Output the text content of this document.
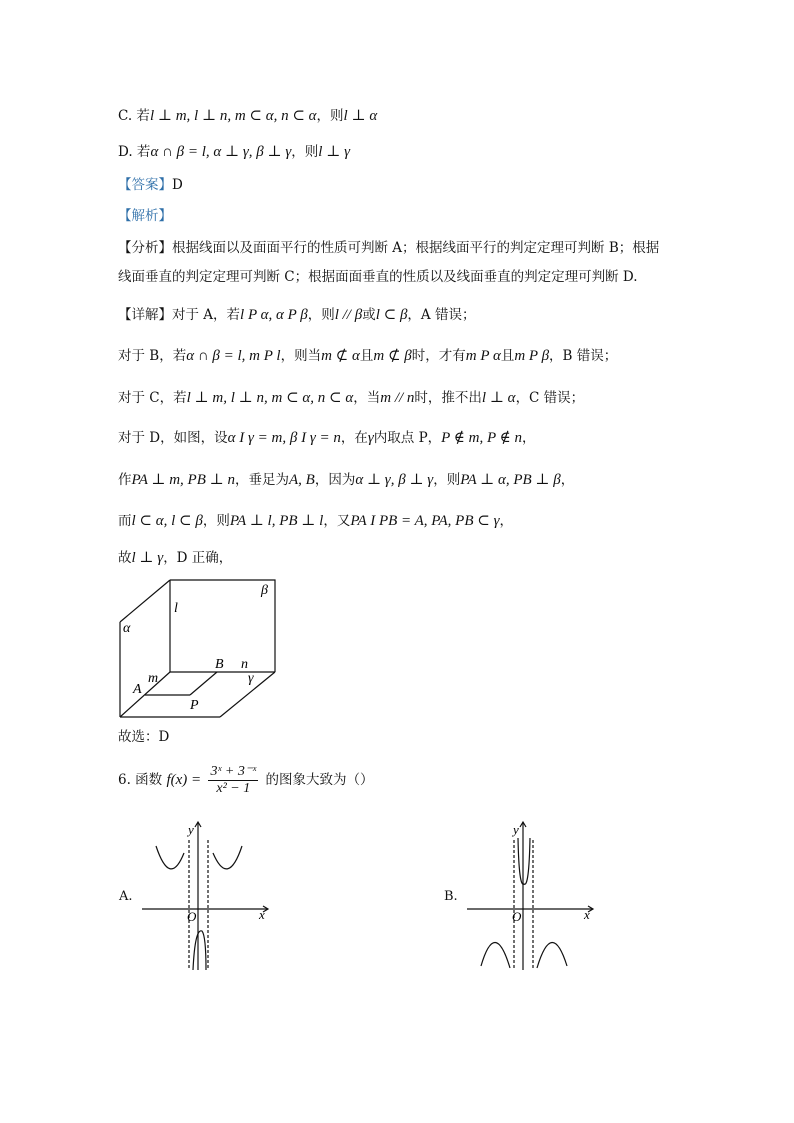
C. 若l ⊥ m, l ⊥ n, m ⊂ α, n ⊂ α，则l ⊥ α
D. 若α ∩ β = l, α ⊥ γ, β ⊥ γ，则l ⊥ γ
【答案】D
【解析】
【分析】根据线面以及面面平行的性质可判断 A；根据线面平行的判定定理可判断 B；根据
线面垂直的判定定理可判断 C；根据面面垂直的性质以及线面垂直的判定定理可判断 D.
【详解】对于 A，若l P α, α P β，则l // β或l ⊂ β，A 错误；
对于 B，若α ∩ β = l, m P l，则当m ⊄ α且m ⊄ β时，才有m P α且m P β，B 错误；
对于 C，若l ⊥ m, l ⊥ n, m ⊂ α, n ⊂ α，当m // n时，推不出l ⊥ α，C 错误；
对于 D，如图，设α I γ = m, β I γ = n，在γ内取点 P，P ∉ m, P ∉ n，
作PA ⊥ m, PB ⊥ n，垂足为A, B，因为α ⊥ γ, β ⊥ γ，则PA ⊥ α, PB ⊥ β，
而l ⊂ α, l ⊂ β，则PA ⊥ l, PB ⊥ l，又PA I PB = A, PA, PB ⊂ γ，
故l ⊥ γ，D 正确，
β
l
α
B n
γ
m
A
P
故选：D
6. 函数 $f(x) = \frac{\text{3ˣ + 3⁻ˣ}}{\text{x² − 1}}$ 的图象大致为（）
A.
y
x
O
B.
y
x
O
